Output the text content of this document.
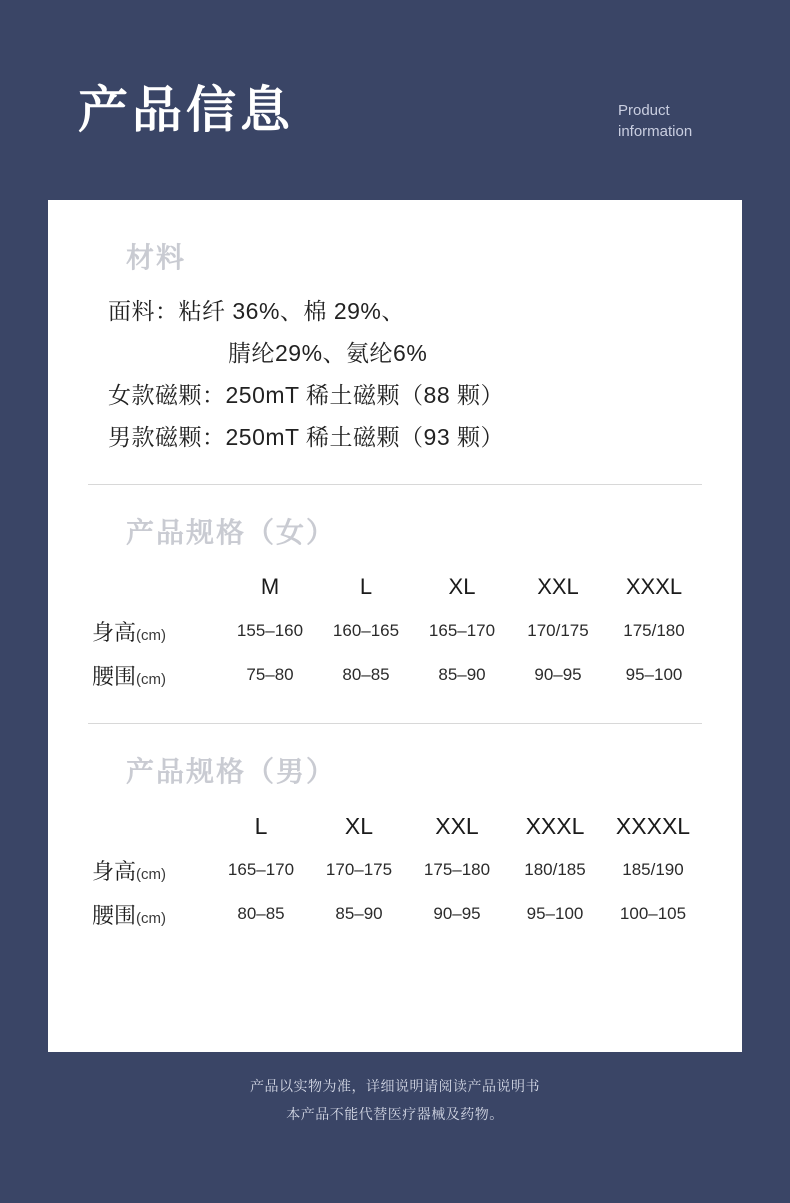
产品信息	Product
information
材料
面料：粘纤 36%、棉 29%、
腈纶29%、氨纶6%
女款磁颗：250mT 稀土磁颗（88 颗）
男款磁颗：250mT 稀土磁颗（93 颗）
产品规格（女）
	M	L	XL	XXL	XXXL
身高(cm)	155–160	160–165	165–170	170/175	175/180
腰围(cm)	75–80	80–85	85–90	90–95	95–100
产品规格（男）
	L	XL	XXL	XXXL	XXXXL
身高(cm)	165–170	170–175	175–180	180/185	185/190
腰围(cm)	80–85	85–90	90–95	95–100	100–105
产品以实物为准，详细说明请阅读产品说明书
本产品不能代替医疗器械及药物。
